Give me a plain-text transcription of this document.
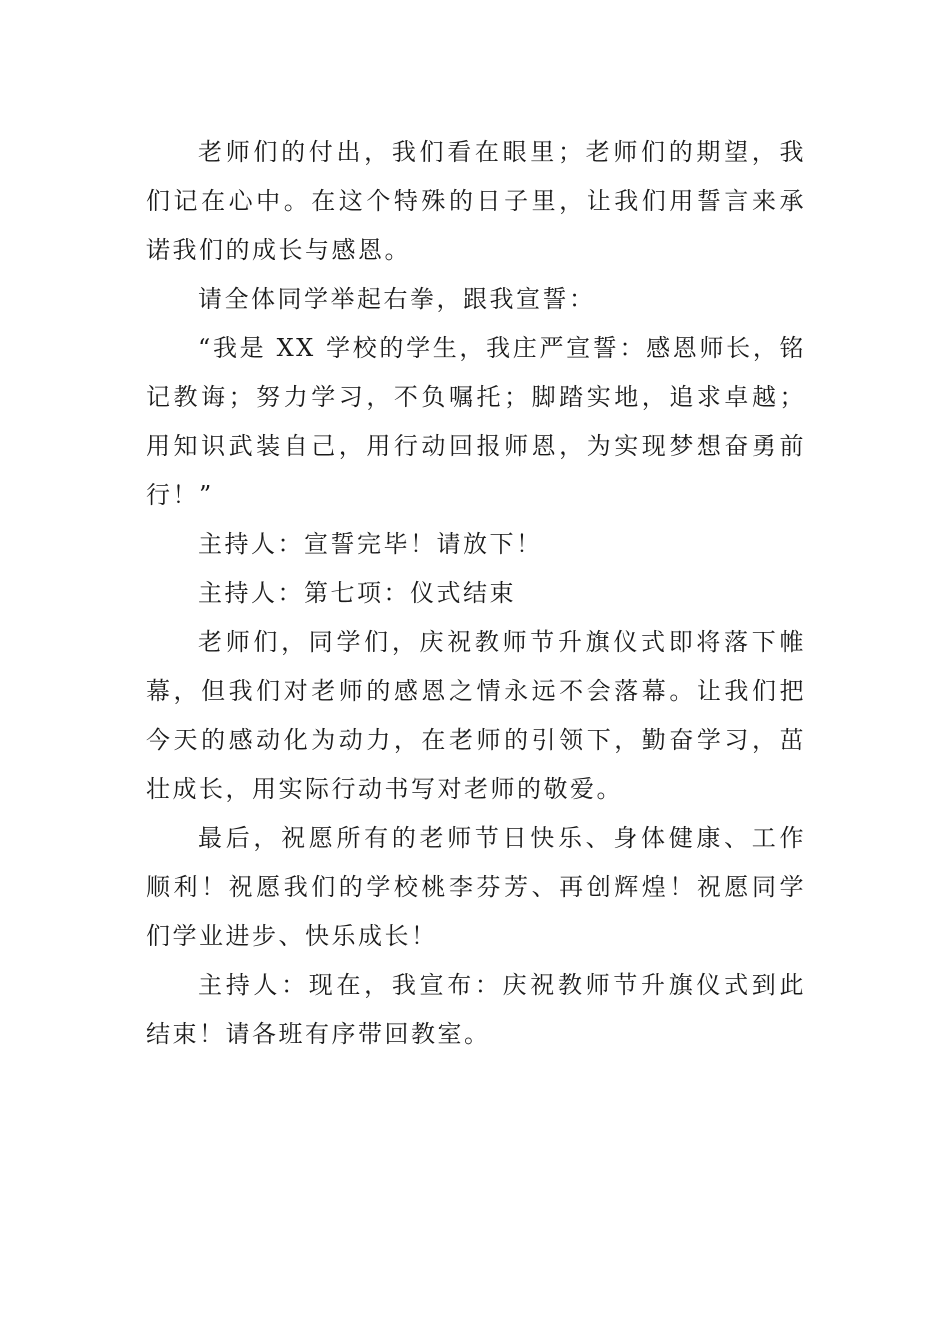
老师们的付出，我们看在眼里；老师们的期望，我们记在心中。在这个特殊的日子里，让我们用誓言来承诺我们的成长与感恩。

请全体同学举起右拳，跟我宣誓：

“我是 XX 学校的学生，我庄严宣誓：感恩师长，铭记教诲；努力学习，不负嘱托；脚踏实地，追求卓越；用知识武装自己，用行动回报师恩，为实现梦想奋勇前行！”

主持人：宣誓完毕！请放下！

主持人：第七项：仪式结束

老师们，同学们，庆祝教师节升旗仪式即将落下帷幕，但我们对老师的感恩之情永远不会落幕。让我们把今天的感动化为动力，在老师的引领下，勤奋学习，茁壮成长，用实际行动书写对老师的敬爱。

最后，祝愿所有的老师节日快乐、身体健康、工作顺利！祝愿我们的学校桃李芬芳、再创辉煌！祝愿同学们学业进步、快乐成长！

主持人：现在，我宣布：庆祝教师节升旗仪式到此结束！请各班有序带回教室。
